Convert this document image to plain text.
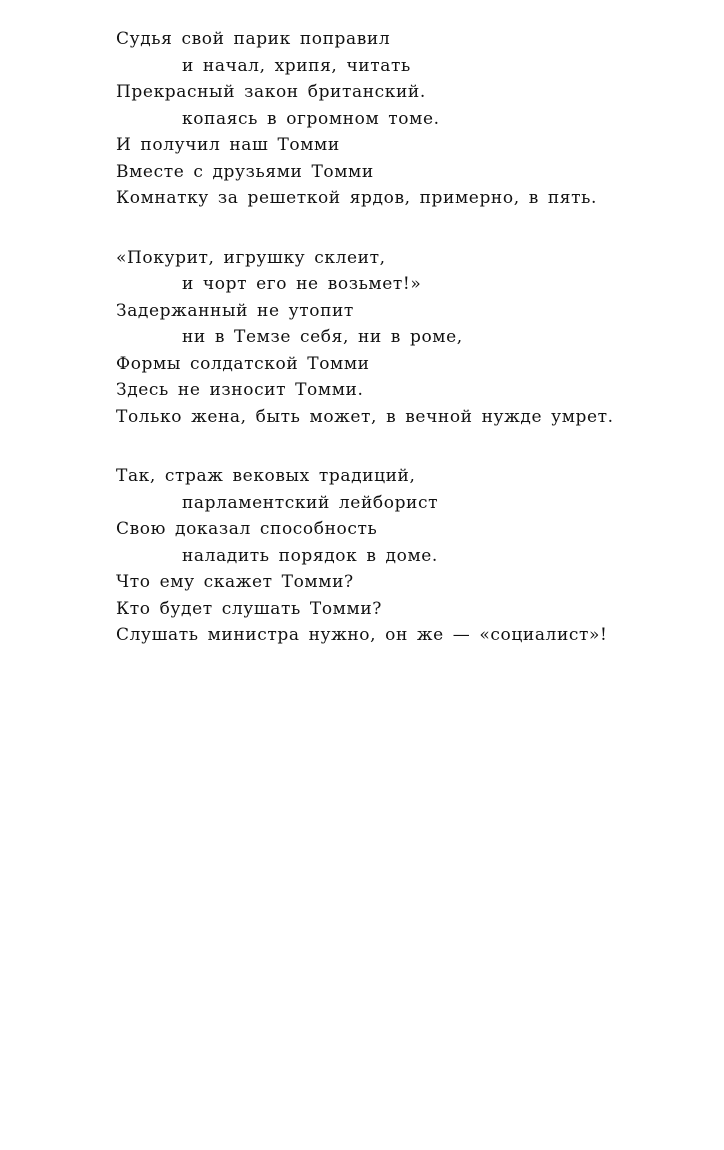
Судья свой парик поправил
и начал, хрипя, читать
Прекрасный закон британский.
копаясь в огромном томе.
И получил наш Томми
Вместе с друзьями Томми
Комнатку за решеткой ярдов, примерно, в пять.
«Покурит, игрушку склеит,
и чорт его не возьмет!»
Задержанный не утопит
ни в Темзе себя, ни в роме,
Формы солдатской Томми
Здесь не износит Томми.
Только жена, быть может, в вечной нужде умрет.
Так, страж вековых традиций,
парламентский лейборист
Свою доказал способность
наладить порядок в доме.
Что ему скажет Томми?
Кто будет слушать Томми?
Слушать министра нужно, он же — «социалист»!
